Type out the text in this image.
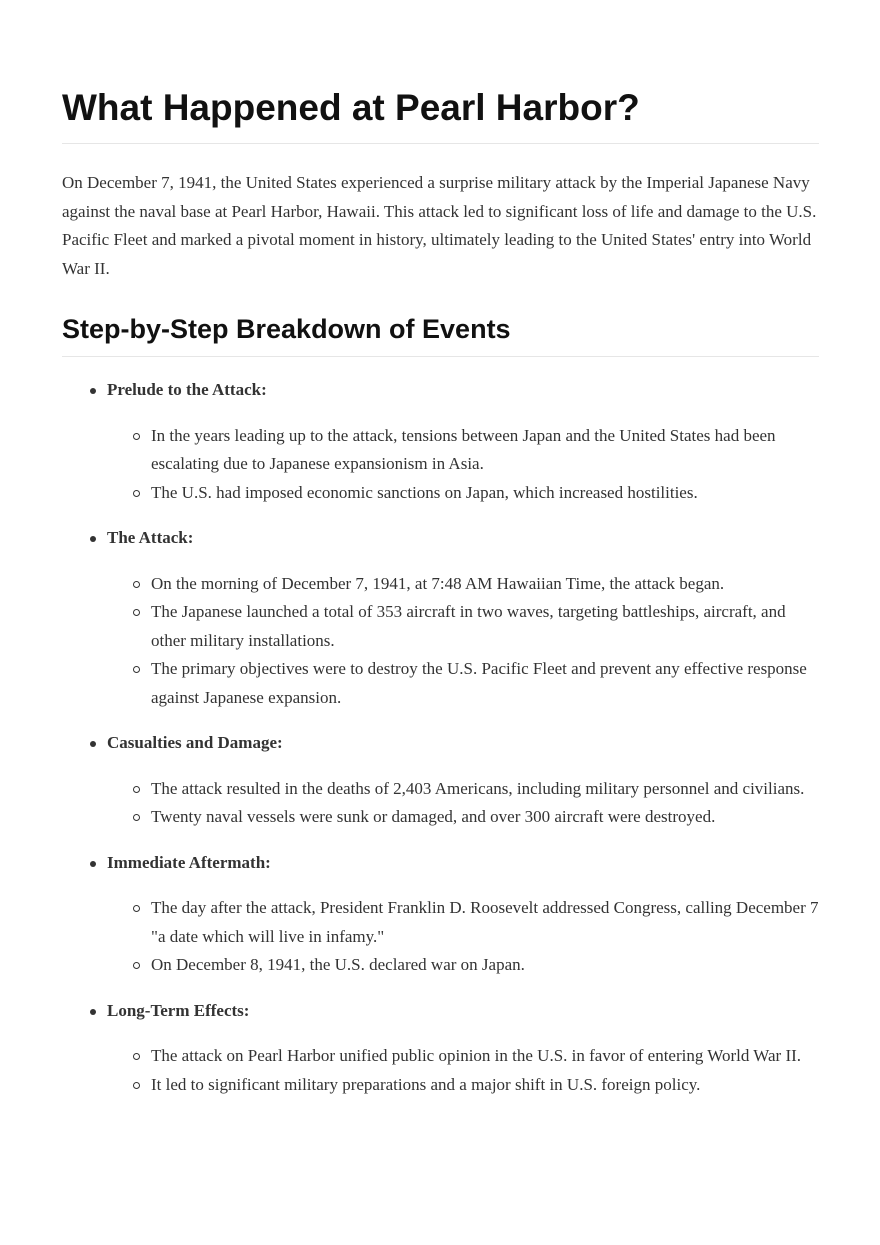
What Happened at Pearl Harbor?

On December 7, 1941, the United States experienced a surprise military attack by the Imperial Japanese Navy against the naval base at Pearl Harbor, Hawaii. This attack led to significant loss of life and damage to the U.S. Pacific Fleet and marked a pivotal moment in history, ultimately leading to the United States' entry into World War II.

Step-by-Step Breakdown of Events
Prelude to the Attack:
In the years leading up to the attack, tensions between Japan and the United States had been escalating due to Japanese expansionism in Asia.
The U.S. had imposed economic sanctions on Japan, which increased hostilities.
The Attack:
On the morning of December 7, 1941, at 7:48 AM Hawaiian Time, the attack began.
The Japanese launched a total of 353 aircraft in two waves, targeting battleships, aircraft, and other military installations.
The primary objectives were to destroy the U.S. Pacific Fleet and prevent any effective response against Japanese expansion.
Casualties and Damage:
The attack resulted in the deaths of 2,403 Americans, including military personnel and civilians.
Twenty naval vessels were sunk or damaged, and over 300 aircraft were destroyed.
Immediate Aftermath:
The day after the attack, President Franklin D. Roosevelt addressed Congress, calling December 7 "a date which will live in infamy."
On December 8, 1941, the U.S. declared war on Japan.
Long-Term Effects:
The attack on Pearl Harbor unified public opinion in the U.S. in favor of entering World War II.
It led to significant military preparations and a major shift in U.S. foreign policy.
